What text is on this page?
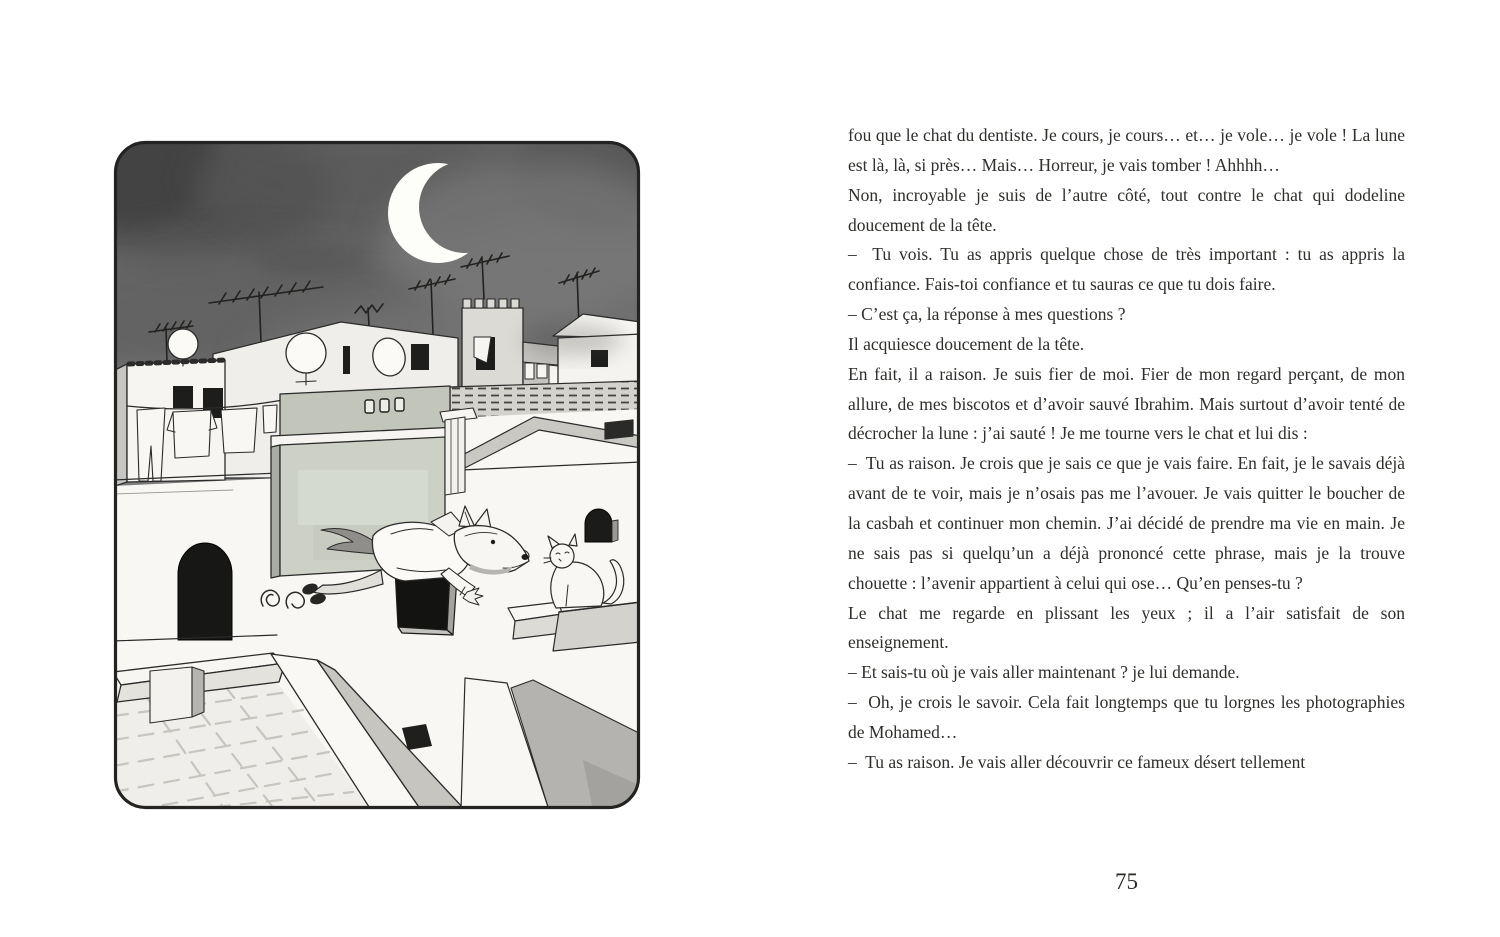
fou que le chat du dentiste. Je cours, je cours… et… je vole… je vole ! La lune est là, là, si près… Mais… Horreur, je vais tomber ! Ahhhh…

Non, incroyable je suis de l’autre côté, tout contre le chat qui dodeline doucement de la tête.

–  Tu vois. Tu as appris quelque chose de très important : tu as appris la confiance. Fais-toi confiance et tu sauras ce que tu dois faire.

– C’est ça, la réponse à mes questions ?

Il acquiesce doucement de la tête.

En fait, il a raison. Je suis fier de moi. Fier de mon regard perçant, de mon allure, de mes biscotos et d’avoir sauvé Ibrahim. Mais surtout d’avoir tenté de décrocher la lune : j’ai sauté ! Je me tourne vers le chat et lui dis :

–  Tu as raison. Je crois que je sais ce que je vais faire. En fait, je le savais déjà avant de te voir, mais je n’osais pas me l’avouer. Je vais quitter le boucher de la casbah et continuer mon chemin. J’ai décidé de prendre ma vie en main. Je ne sais pas si quelqu’un a déjà prononcé cette phrase, mais je la trouve chouette : l’avenir appartient à celui qui ose… Qu’en penses-tu ?

Le chat me regarde en plissant les yeux ; il a l’air satisfait de son enseignement.

– Et sais-tu où je vais aller maintenant ? je lui demande.

–  Oh, je crois le savoir. Cela fait longtemps que tu lorgnes les photographies de Mohamed…

–  Tu as raison. Je vais aller découvrir ce fameux désert tellement

75
